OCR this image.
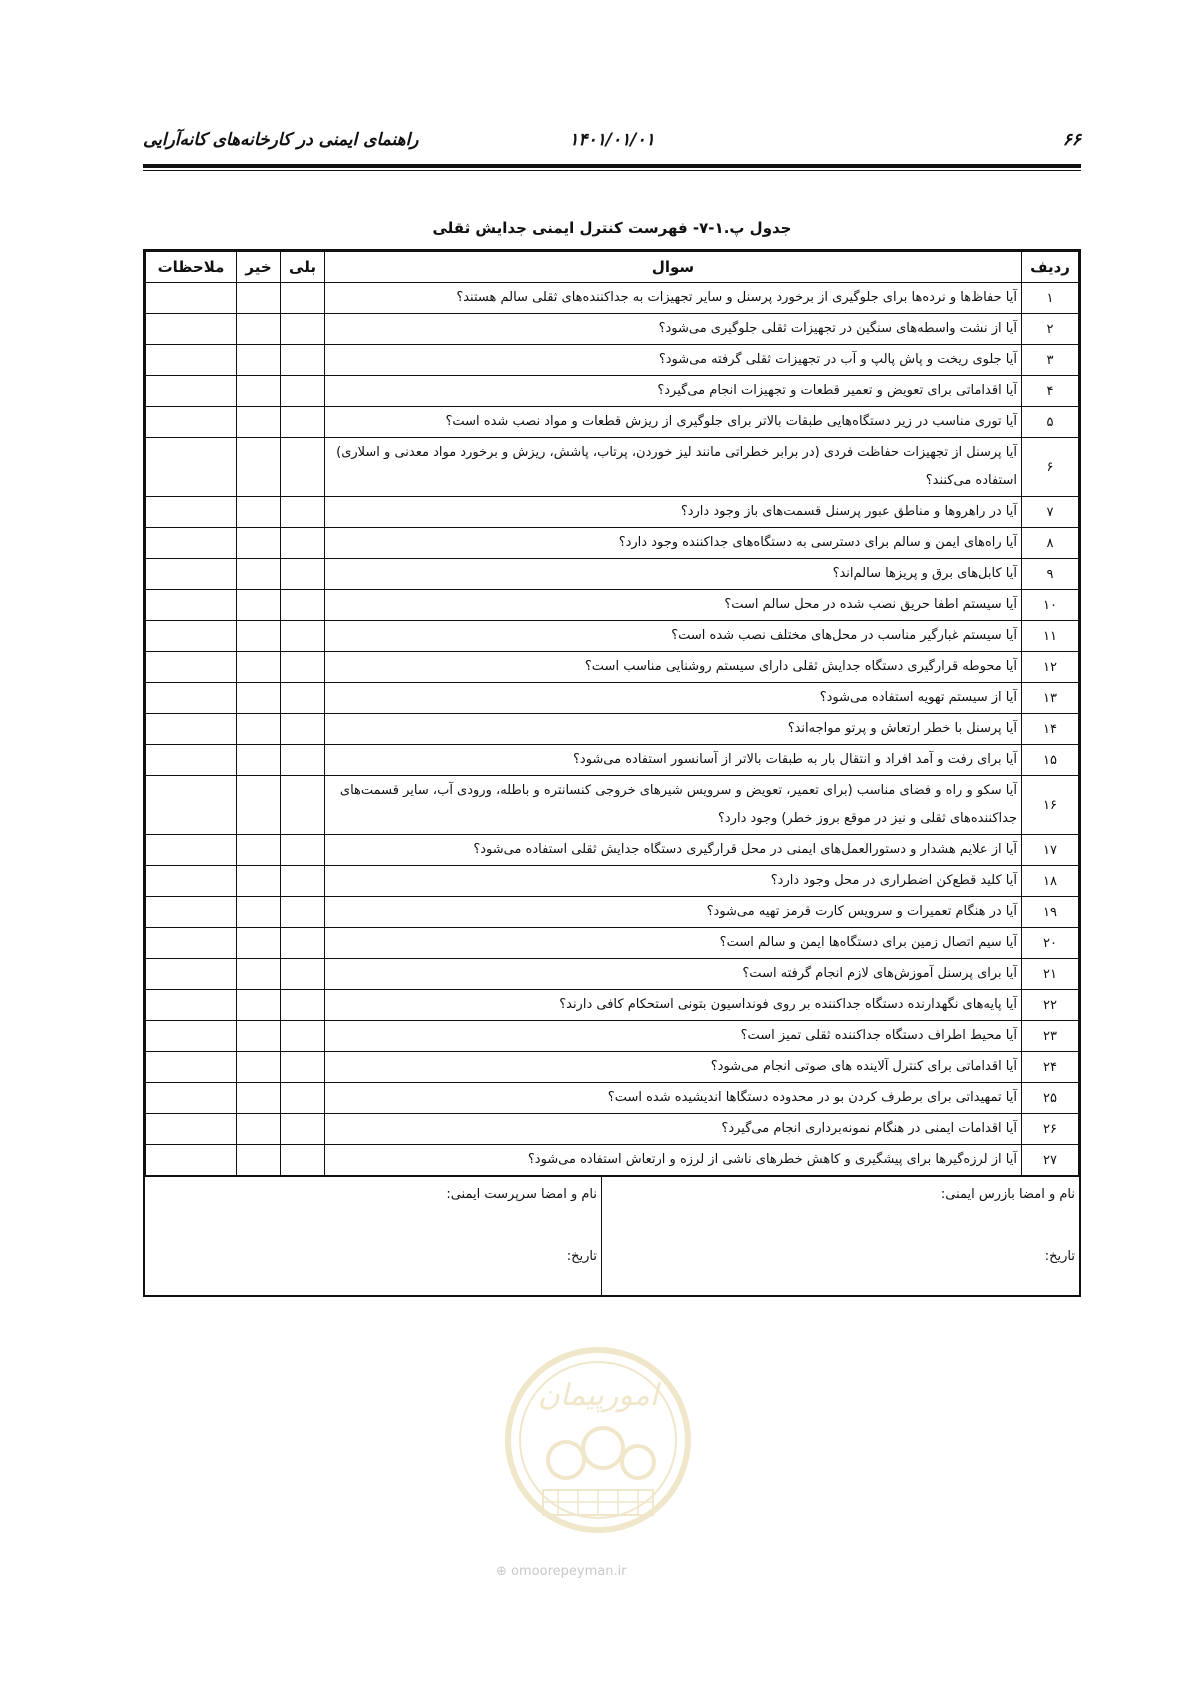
۶۶
۱۴۰۱/۰۱/۰۱
راهنمای ایمنی در کارخانه‌های کانه‌آرایی
جدول پ.۱-۷- فهرست کنترل ایمنی جدایش ثقلی
ردیف	سوال	بلی	خیر	ملاحظات
۱	آیا حفاظ‌ها و نرده‌ها برای جلوگیری از برخورد پرسنل و سایر تجهیزات به جداکننده‌های ثقلی سالم هستند؟			
۲	آیا از نشت واسطه‌های سنگین در تجهیزات ثقلی جلوگیری می‌شود؟			
۳	آیا جلوی ریخت و پاش پالپ و آب در تجهیزات ثقلی گرفته می‌شود؟			
۴	آیا اقداماتی برای تعویض و تعمیر قطعات و تجهیزات انجام می‌گیرد؟			
۵	آیا توری مناسب در زیر دستگاه‌هایی طبقات بالاتر برای جلوگیری از ریزش قطعات و مواد نصب شده است؟			
۶	آیا پرسنل از تجهیزات حفاظت فردی (در برابر خطراتی مانند لیز خوردن، پرتاب، پاشش، ریزش و برخورد مواد معدنی و اسلاری) استفاده می‌کنند؟			
۷	آیا در راهروها و مناطق عبور پرسنل قسمت‌های باز وجود دارد؟			
۸	آیا راه‌های ایمن و سالم برای دسترسی به دستگاه‌های جداکننده وجود دارد؟			
۹	آیا کابل‌های برق و پریزها سالم‌اند؟			
۱۰	آیا سیستم اطفا حریق نصب شده در محل سالم است؟			
۱۱	آیا سیستم غبارگیر مناسب در محل‌های مختلف نصب شده است؟			
۱۲	آیا محوطه قرارگیری دستگاه جدایش ثقلی دارای سیستم روشنایی مناسب است؟			
۱۳	آیا از سیستم تهویه استفاده می‌شود؟			
۱۴	آیا پرسنل با خطر ارتعاش و پرتو مواجه‌اند؟			
۱۵	آیا برای رفت و آمد افراد و انتقال بار به طبقات بالاتر از آسانسور استفاده می‌شود؟			
۱۶	آیا سکو و راه و فضای مناسب (برای تعمیر، تعویض و سرویس شیرهای خروجی کنسانتره و باطله، ورودی آب، سایر قسمت‌های جداکننده‌های ثقلی و نیز در موقع بروز خطر) وجود دارد؟			
۱۷	آیا از علایم هشدار و دستورالعمل‌های ایمنی در محل قرارگیری دستگاه جدایش ثقلی استفاده می‌شود؟			
۱۸	آیا کلید قطع‌کن اضطراری در محل وجود دارد؟			
۱۹	آیا در هنگام تعمیرات و سرویس کارت قرمز تهیه می‌شود؟			
۲۰	آیا سیم اتصال زمین برای دستگاه‌ها ایمن و سالم است؟			
۲۱	آیا برای پرسنل آموزش‌های لازم انجام گرفته است؟			
۲۲	آیا پایه‌های نگهدارنده دستگاه جداکننده بر روی فونداسیون بتونی استحکام کافی دارند؟			
۲۳	آیا محیط اطراف دستگاه جداکننده ثقلی تمیز است؟			
۲۴	آیا اقداماتی برای کنترل آلاینده های صوتی انجام می‌شود؟			
۲۵	آیا تمهیداتی برای برطرف کردن بو در محدوده دستگاها اندیشیده شده است؟			
۲۶	آیا اقدامات ایمنی در هنگام نمونه‌برداری انجام می‌گیرد؟			
۲۷	آیا از لرزه‌گیرها برای پیشگیری و کاهش خطرهای ناشی از لرزه و ارتعاش استفاده می‌شود؟			
نام و امضا بازرس ایمنی:
تاریخ:
نام و امضا سرپرست ایمنی:
تاریخ:
امورپیمان
⊕ omoorepeyman.ir
